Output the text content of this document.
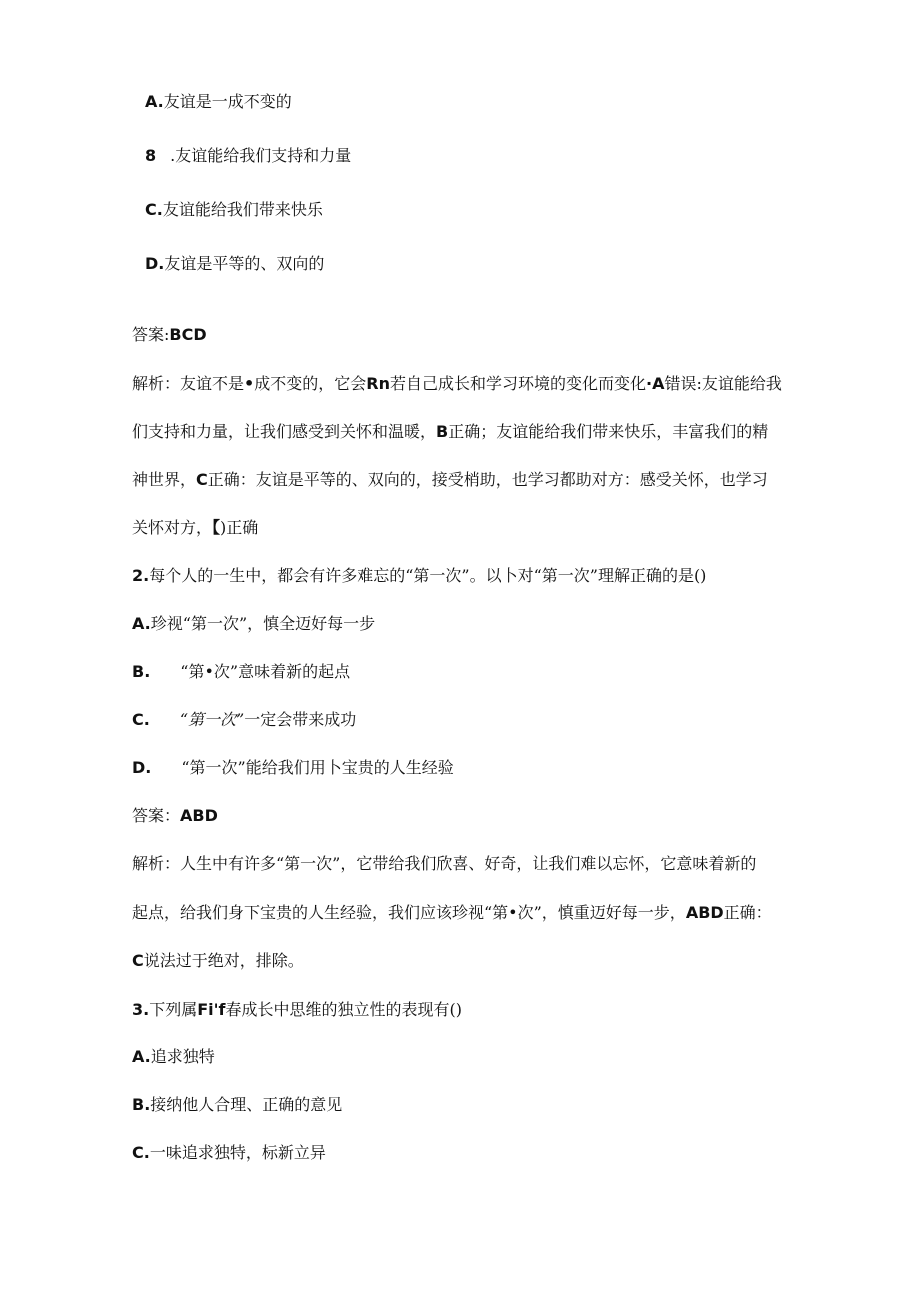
A.友谊是一成不变的
8 .友谊能给我们支持和力量
C.友谊能给我们带来快乐
D.友谊是平等的、双向的
答案:BCD
解析：友谊不是•成不变的，它会Rn若自己成长和学习环境的变化而变化·A错误:友谊能给我
们支持和力量，让我们感受到关怀和温暖，B正确；友谊能给我们带来快乐，丰富我们的精
神世界，C正确：友谊是平等的、双向的，接受梢助，也学习都助对方：感受关怀，也学习
关怀对方，【)正确
2.每个人的一生中，都会有许多难忘的“第一次”。以卜对“第一次”理解正确的是()
A.珍视“第一次”，慎全迈好每一步
B. “第•次”意味着新的起点
C. “第一次”一定会带来成功
D. “第一次”能给我们用卜宝贵的人生经验
答案：ABD
解析：人生中有许多“第一次”，它带给我们欣喜、好奇，让我们难以忘怀，它意味着新的
起点，给我们身下宝贵的人生经验，我们应该珍视“第•次”，慎重迈好每一步，ABD正确：
C说法过于绝对，排除。
3.下列属Fi'f春成长中思维的独立性的表现有()
A.追求独特
B.接纳他人合理、正确的意见
C.一味追求独特，标新立异
